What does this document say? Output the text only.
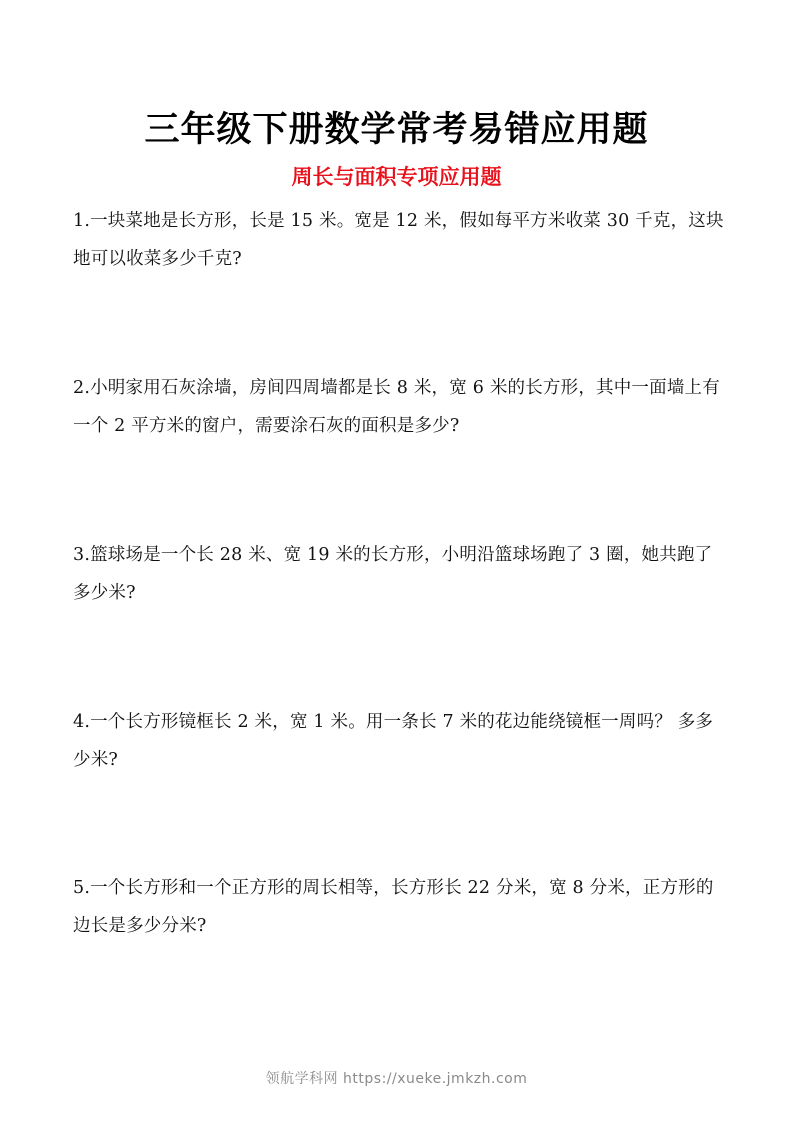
三年级下册数学常考易错应用题
周长与面积专项应用题
1.一块菜地是长方形，长是 15 米。宽是 12 米，假如每平方米收菜 30 千克，这块地可以收菜多少千克?
2.小明家用石灰涂墙，房间四周墙都是长 8 米，宽 6 米的长方形，其中一面墙上有一个 2 平方米的窗户，需要涂石灰的面积是多少?
3.篮球场是一个长 28 米、宽 19 米的长方形，小明沿篮球场跑了 3 圈，她共跑了多少米?
4.一个长方形镜框长 2 米，宽 1 米。用一条长 7 米的花边能绕镜框一周吗？ 多多少米?
5.一个长方形和一个正方形的周长相等，长方形长 22 分米，宽 8 分米，正方形的边长是多少分米?
领航学科网 https://xueke.jmkzh.com
